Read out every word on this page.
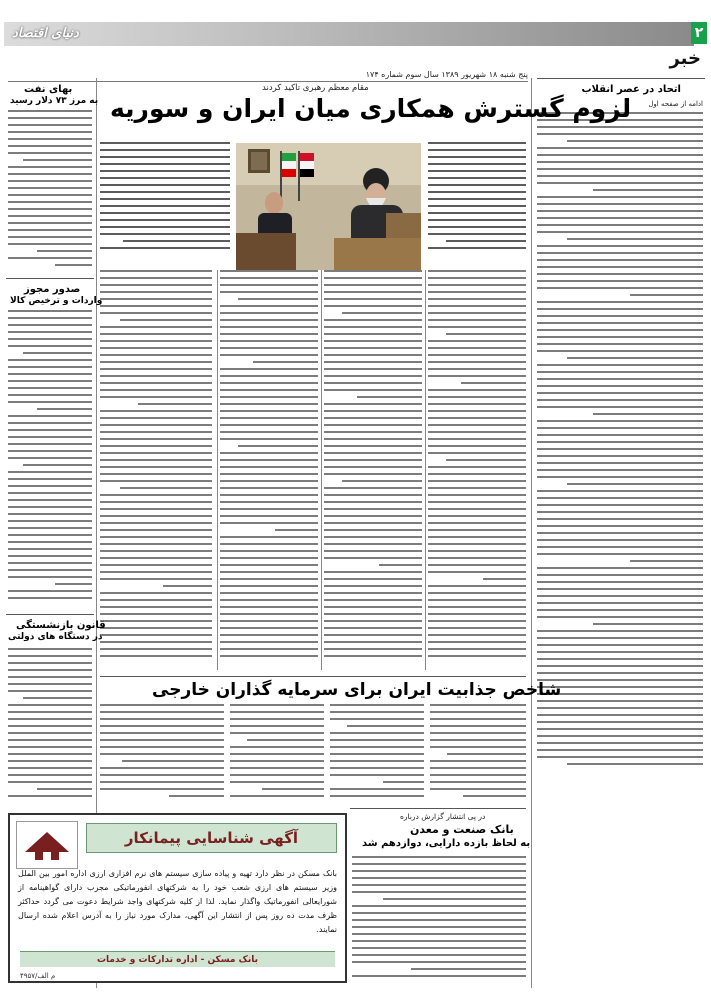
دنیای اقتصاد	۲
خبر
پنج شنبه ۱۸ شهریور ۱۳۸۹ سال سوم شماره ۱۷۴
اتحاد در عصر انقلاب
ادامه از صفحه اول
مقام معظم رهبری تاکید کردند
لزوم گسترش همکاری میان ایران و سوریه
بهای نفت
به مرز ۷۳ دلار رسید
صدور مجوز
واردات و ترخیص کالا
قانون بازنشستگی
در دستگاه های دولتی
شاخص جذابیت ایران برای سرمایه گذاران خارجی
در پی انتشار گزارش درباره
بانک صنعت و معدن
به لحاظ بازده دارایی، دوازدهم شد
آگهی شناسایی پیمانکار
بانک مسکن در نظر دارد تهیه و پیاده سازی سیستم های نرم افزاری ارزی اداره امور بین الملل وزیر سیستم های ارزی شعب خود را به شرکتهای انفورماتیکی مجرب دارای گواهینامه از شورایعالی انفورماتیک واگذار نماید. لذا از کلیه شرکتهای واجد شرایط دعوت می گردد حداکثر ظرف مدت ده روز پس از انتشار این آگهی، مدارک مورد نیاز را به آدرس اعلام شده ارسال نمایند.
بانک مسکن - اداره تدارکات و خدمات
۴۹۵۷/م الف
